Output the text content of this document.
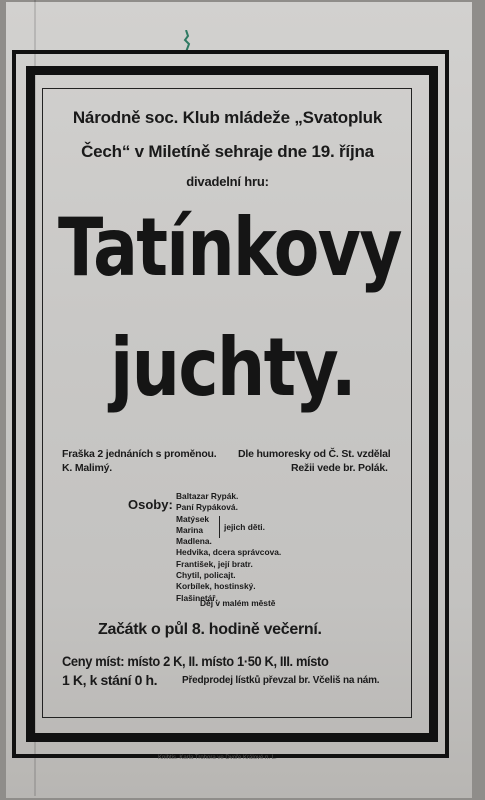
Národně soc. Klub mládeže „Svatopluk
Čech“ v Miletíně sehraje dne 19. října
divadelní hru:
Tatínkovy
juchty.
Fraška 2 jednáních s proměnou.
K. Malimý.
Dle humoresky od Č. St. vzdělal
Režii vede br. Polák.
Osoby:
Baltazar Rypák.
Paní Rypáková.
Matýsek
Marina
Madlena.
Hedvika, dcera správcova.
František, její bratr.
Chytil, policajt.
Korbílek, hostinský.
Flašinetář.
jejich děti.
Děj v malém městě
Začátk o půl 8. hodině večerní.
Ceny míst: místo 2 K, II. místo 1·50 K, III. místo
1 K, k stání 0 h. Předprodej lístků převzal br. Včeliš na nám.
Knihtis. Karla Trohora ve Dvoře Králové n. L.
